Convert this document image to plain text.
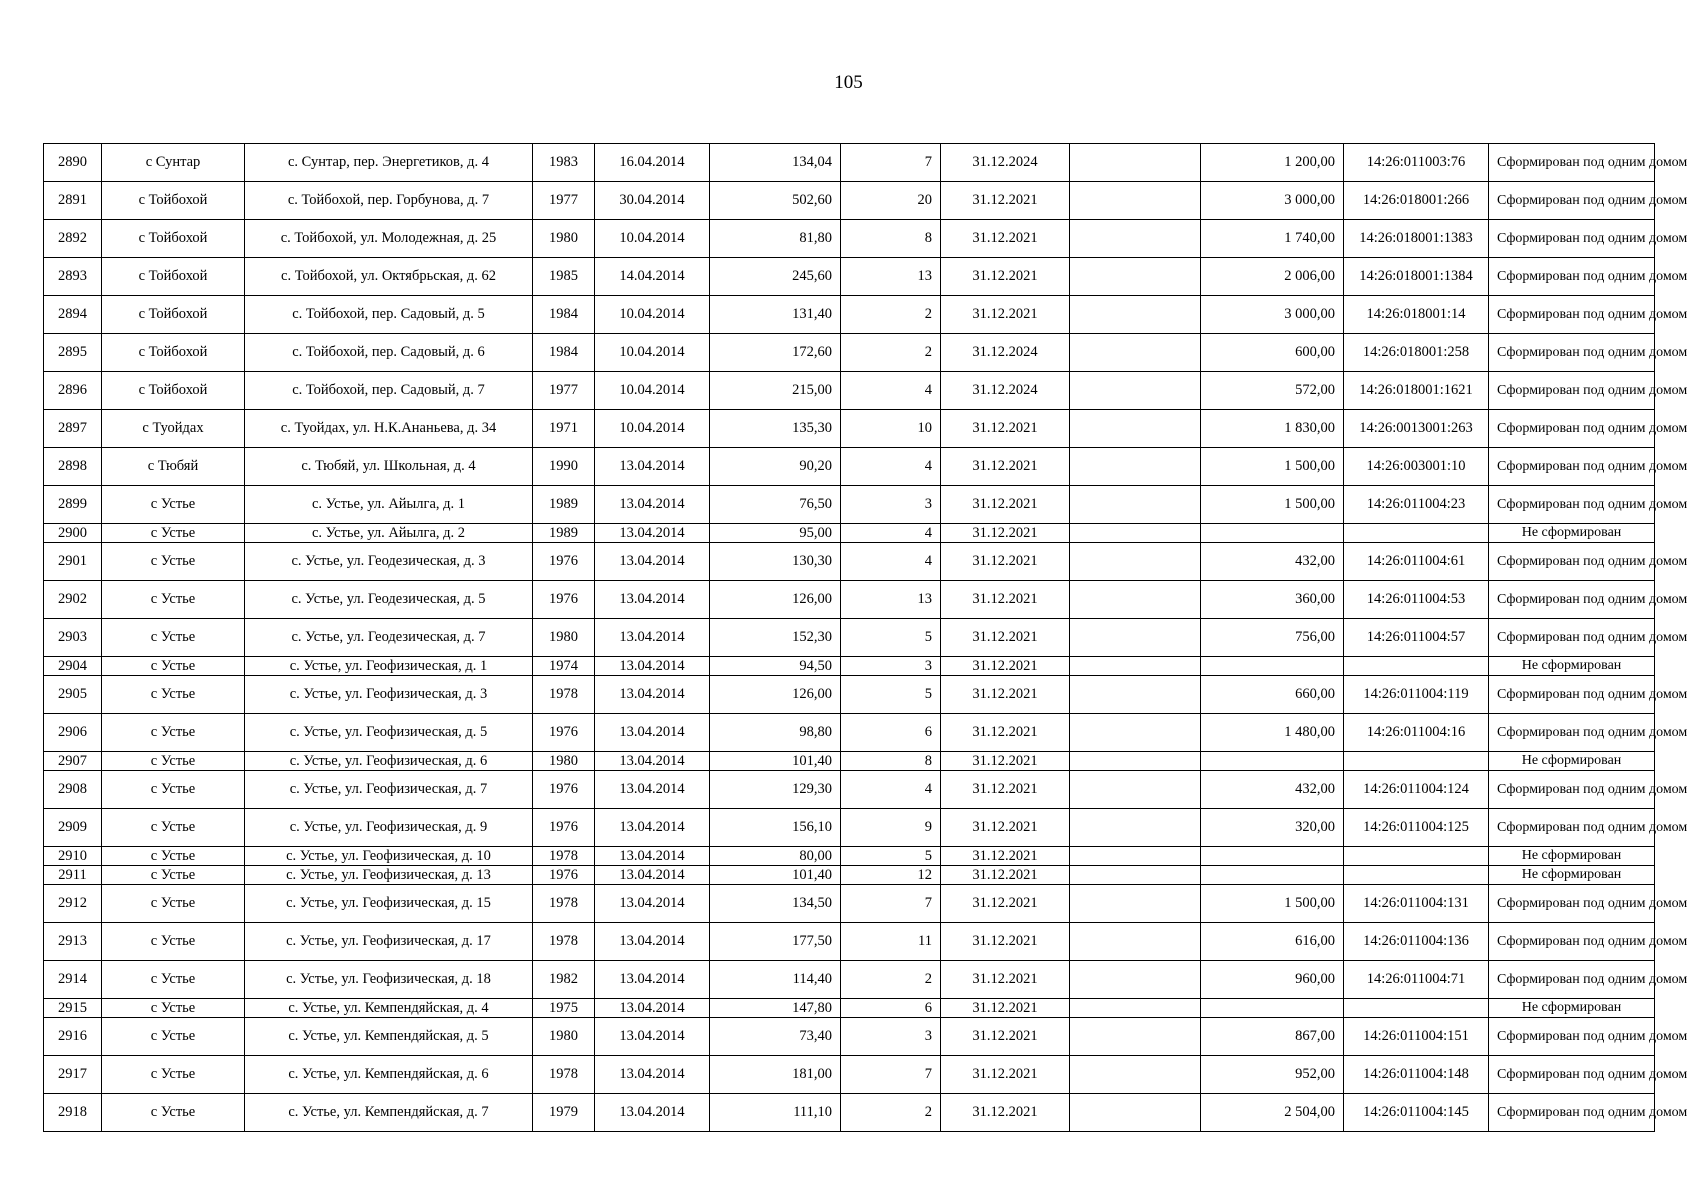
105
2890	с Сунтар	с. Сунтар, пер. Энергетиков, д. 4	1983	16.04.2014	134,04	7	31.12.2024		1 200,00	14:26:011003:76	Сформирован под одним домом
2891	с Тойбохой	с. Тойбохой, пер. Горбунова, д. 7	1977	30.04.2014	502,60	20	31.12.2021		3 000,00	14:26:018001:266	Сформирован под одним домом
2892	с Тойбохой	с. Тойбохой, ул. Молодежная, д. 25	1980	10.04.2014	81,80	8	31.12.2021		1 740,00	14:26:018001:1383	Сформирован под одним домом
2893	с Тойбохой	с. Тойбохой, ул. Октябрьская, д. 62	1985	14.04.2014	245,60	13	31.12.2021		2 006,00	14:26:018001:1384	Сформирован под одним домом
2894	с Тойбохой	с. Тойбохой, пер. Садовый, д. 5	1984	10.04.2014	131,40	2	31.12.2021		3 000,00	14:26:018001:14	Сформирован под одним домом
2895	с Тойбохой	с. Тойбохой, пер. Садовый, д. 6	1984	10.04.2014	172,60	2	31.12.2024		600,00	14:26:018001:258	Сформирован под одним домом
2896	с Тойбохой	с. Тойбохой, пер. Садовый, д. 7	1977	10.04.2014	215,00	4	31.12.2024		572,00	14:26:018001:1621	Сформирован под одним домом
2897	с Туойдах	с. Туойдах, ул. Н.К.Ананьева, д. 34	1971	10.04.2014	135,30	10	31.12.2021		1 830,00	14:26:0013001:263	Сформирован под одним домом
2898	с Тюбяй	с. Тюбяй, ул. Школьная, д. 4	1990	13.04.2014	90,20	4	31.12.2021		1 500,00	14:26:003001:10	Сформирован под одним домом
2899	с Устье	с. Устье, ул. Айылга, д. 1	1989	13.04.2014	76,50	3	31.12.2021		1 500,00	14:26:011004:23	Сформирован под одним домом
2900	с Устье	с. Устье, ул. Айылга, д. 2	1989	13.04.2014	95,00	4	31.12.2021				Не сформирован
2901	с Устье	с. Устье, ул. Геодезическая, д. 3	1976	13.04.2014	130,30	4	31.12.2021		432,00	14:26:011004:61	Сформирован под одним домом
2902	с Устье	с. Устье, ул. Геодезическая, д. 5	1976	13.04.2014	126,00	13	31.12.2021		360,00	14:26:011004:53	Сформирован под одним домом
2903	с Устье	с. Устье, ул. Геодезическая, д. 7	1980	13.04.2014	152,30	5	31.12.2021		756,00	14:26:011004:57	Сформирован под одним домом
2904	с Устье	с. Устье, ул. Геофизическая, д. 1	1974	13.04.2014	94,50	3	31.12.2021				Не сформирован
2905	с Устье	с. Устье, ул. Геофизическая, д. 3	1978	13.04.2014	126,00	5	31.12.2021		660,00	14:26:011004:119	Сформирован под одним домом
2906	с Устье	с. Устье, ул. Геофизическая, д. 5	1976	13.04.2014	98,80	6	31.12.2021		1 480,00	14:26:011004:16	Сформирован под одним домом
2907	с Устье	с. Устье, ул. Геофизическая, д. 6	1980	13.04.2014	101,40	8	31.12.2021				Не сформирован
2908	с Устье	с. Устье, ул. Геофизическая, д. 7	1976	13.04.2014	129,30	4	31.12.2021		432,00	14:26:011004:124	Сформирован под одним домом
2909	с Устье	с. Устье, ул. Геофизическая, д. 9	1976	13.04.2014	156,10	9	31.12.2021		320,00	14:26:011004:125	Сформирован под одним домом
2910	с Устье	с. Устье, ул. Геофизическая, д. 10	1978	13.04.2014	80,00	5	31.12.2021				Не сформирован
2911	с Устье	с. Устье, ул. Геофизическая, д. 13	1976	13.04.2014	101,40	12	31.12.2021				Не сформирован
2912	с Устье	с. Устье, ул. Геофизическая, д. 15	1978	13.04.2014	134,50	7	31.12.2021		1 500,00	14:26:011004:131	Сформирован под одним домом
2913	с Устье	с. Устье, ул. Геофизическая, д. 17	1978	13.04.2014	177,50	11	31.12.2021		616,00	14:26:011004:136	Сформирован под одним домом
2914	с Устье	с. Устье, ул. Геофизическая, д. 18	1982	13.04.2014	114,40	2	31.12.2021		960,00	14:26:011004:71	Сформирован под одним домом
2915	с Устье	с. Устье, ул. Кемпендяйская, д. 4	1975	13.04.2014	147,80	6	31.12.2021				Не сформирован
2916	с Устье	с. Устье, ул. Кемпендяйская, д. 5	1980	13.04.2014	73,40	3	31.12.2021		867,00	14:26:011004:151	Сформирован под одним домом
2917	с Устье	с. Устье, ул. Кемпендяйская, д. 6	1978	13.04.2014	181,00	7	31.12.2021		952,00	14:26:011004:148	Сформирован под одним домом
2918	с Устье	с. Устье, ул. Кемпендяйская, д. 7	1979	13.04.2014	111,10	2	31.12.2021		2 504,00	14:26:011004:145	Сформирован под одним домом
